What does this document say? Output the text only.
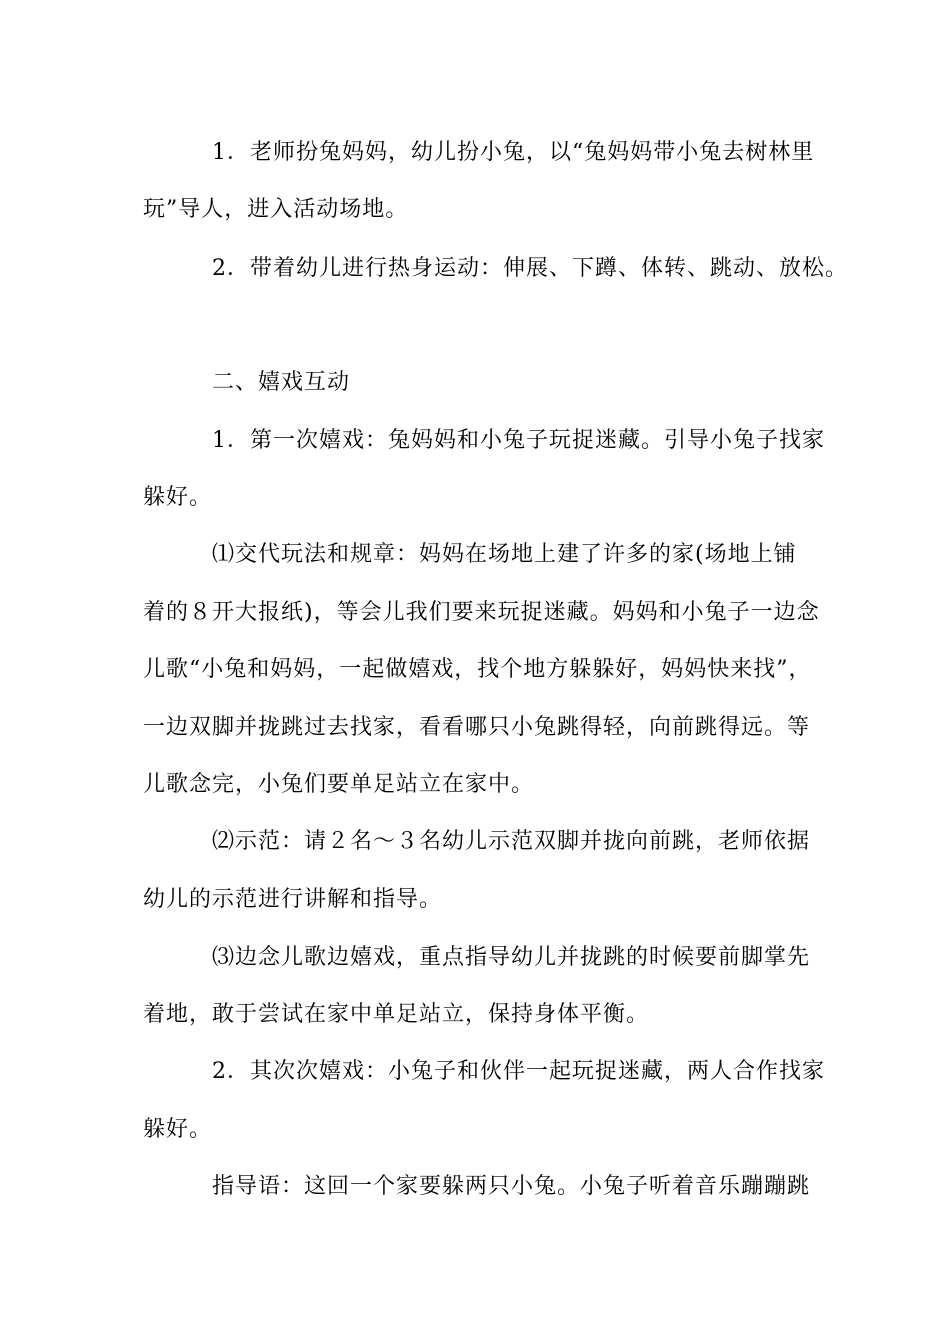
1．老师扮兔妈妈，幼儿扮小兔，以“兔妈妈带小兔去树林里
玩”导人，进入活动场地。
2．带着幼儿进行热身运动：伸展、下蹲、体转、跳动、放松。
二、嬉戏互动
1．第一次嬉戏：兔妈妈和小兔子玩捉迷藏。引导小兔子找家
躲好。
⑴交代玩法和规章：妈妈在场地上建了许多的家(场地上铺
着的８开大报纸)，等会儿我们要来玩捉迷藏。妈妈和小兔子一边念
儿歌“小兔和妈妈，一起做嬉戏，找个地方躲躲好，妈妈快来找”，
一边双脚并拢跳过去找家，看看哪只小兔跳得轻，向前跳得远。等
儿歌念完，小兔们要单足站立在家中。
⑵示范：请２名～３名幼儿示范双脚并拢向前跳，老师依据
幼儿的示范进行讲解和指导。
⑶边念儿歌边嬉戏，重点指导幼儿并拢跳的时候要前脚掌先
着地，敢于尝试在家中单足站立，保持身体平衡。
2．其次次嬉戏：小兔子和伙伴一起玩捉迷藏，两人合作找家
躲好。
指导语：这回一个家要躲两只小兔。小兔子听着音乐蹦蹦跳
